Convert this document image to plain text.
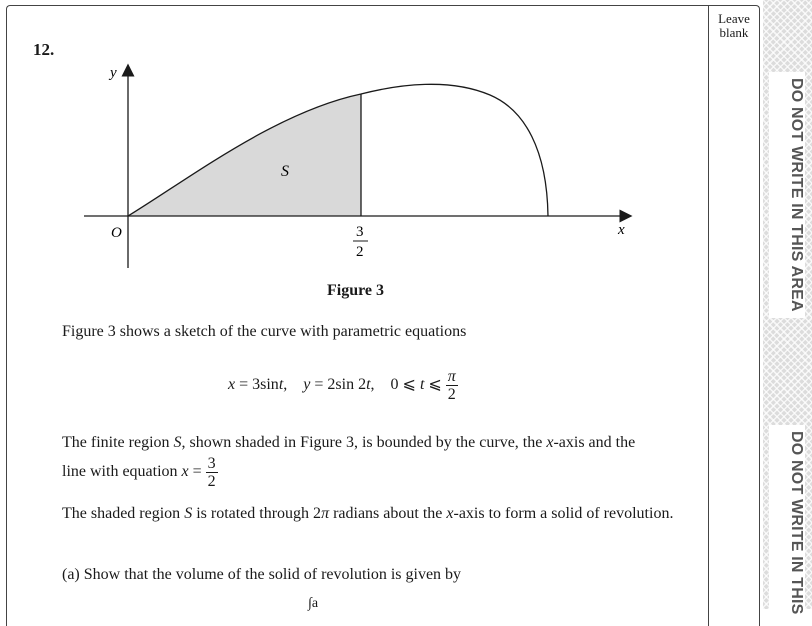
Leave blank
DO NOT WRITE IN THIS AREA
DO NOT WRITE IN THIS
12.
y
x
O
S
3
2
Figure 3
Figure 3 shows a sketch of the curve with parametric equations
x = 3sint,    y = 2sin 2t,    0 ⩽ t ⩽ $\frac{\pi}{2}$
The finite region S, shown shaded in Figure 3, is bounded by the curve, the x-axis and the
line with equation $x = \frac{3}{2}$
The shaded region S is rotated through 2π radians about the x-axis to form a solid of revolution.
(a) Show that the volume of the solid of revolution is given by
∫a
